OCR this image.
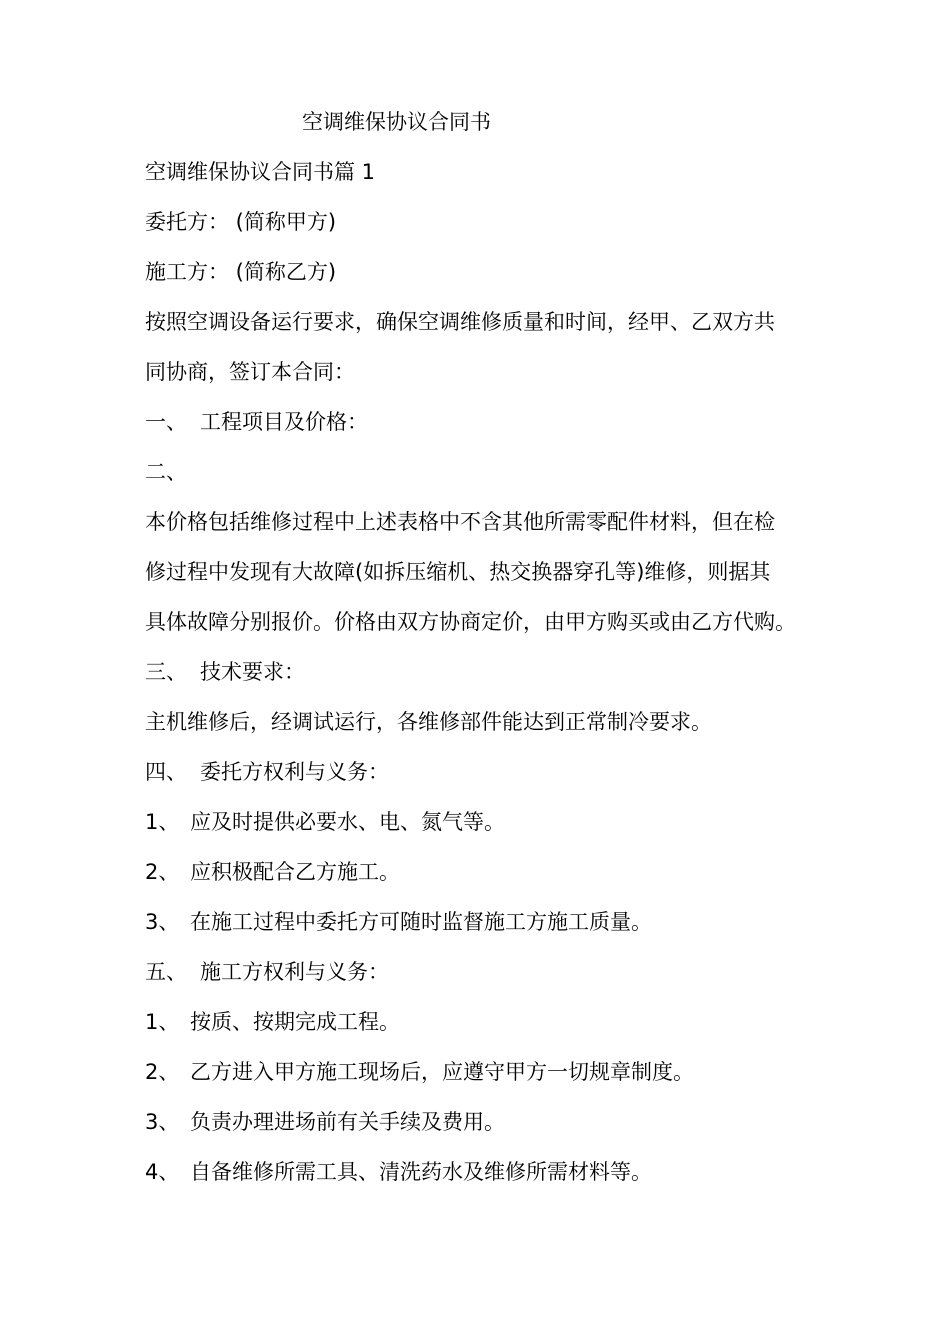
空调维保协议合同书
空调维保协议合同书篇 1
委托方： (简称甲方)
施工方： (简称乙方)
按照空调设备运行要求，确保空调维修质量和时间，经甲、乙双方共
同协商，签订本合同：
一、 工程项目及价格：
二、
本价格包括维修过程中上述表格中不含其他所需零配件材料，但在检
修过程中发现有大故障(如拆压缩机、热交换器穿孔等)维修，则据其
具体故障分别报价。价格由双方协商定价，由甲方购买或由乙方代购。
三、 技术要求：
主机维修后，经调试运行，各维修部件能达到正常制冷要求。
四、 委托方权利与义务：
1、 应及时提供必要水、电、氮气等。
2、 应积极配合乙方施工。
3、 在施工过程中委托方可随时监督施工方施工质量。
五、 施工方权利与义务：
1、 按质、按期完成工程。
2、 乙方进入甲方施工现场后，应遵守甲方一切规章制度。
3、 负责办理进场前有关手续及费用。
4、 自备维修所需工具、清洗药水及维修所需材料等。
